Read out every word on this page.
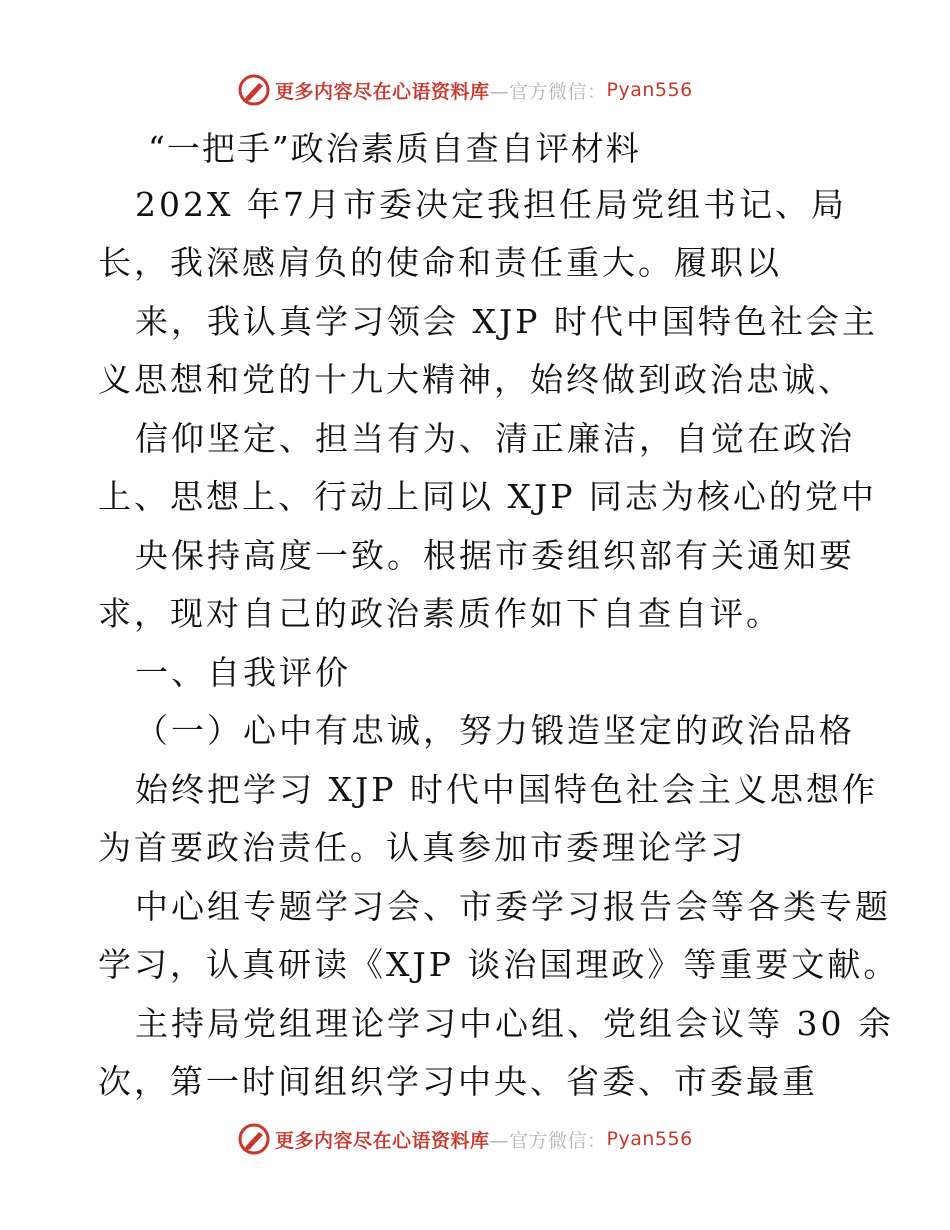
更多内容尽在心语资料库 —官方微信： Pyan556
“一把手”政治素质自查自评材料
202X 年7月市委决定我担任局党组书记、局
长，我深感肩负的使命和责任重大。履职以
来，我认真学习领会 XJP 时代中国特色社会主
义思想和党的十九大精神，始终做到政治忠诚、
信仰坚定、担当有为、清正廉洁，自觉在政治
上、思想上、行动上同以 XJP 同志为核心的党中
央保持高度一致。根据市委组织部有关通知要
求，现对自己的政治素质作如下自查自评。
一、自我评价
（一）心中有忠诚，努力锻造坚定的政治品格
始终把学习 XJP 时代中国特色社会主义思想作
为首要政治责任。认真参加市委理论学习
中心组专题学习会、市委学习报告会等各类专题
学习，认真研读《XJP 谈治国理政》等重要文献。
主持局党组理论学习中心组、党组会议等 30 余
次，第一时间组织学习中央、省委、市委最重
更多内容尽在心语资料库 —官方微信： Pyan556
